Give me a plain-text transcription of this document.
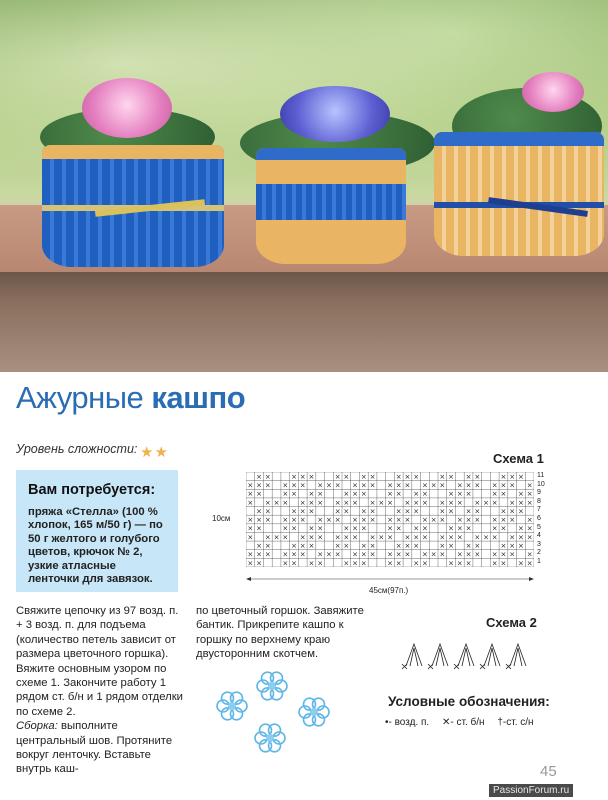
Ажурные кашпо
Уровень сложности: ★★
Вам потребуется:
пряжа «Стелла» (100 % хлопок, 165 м/50 г) — по 50 г желтого и голубого цветов, крючок № 2, узкие атласные ленточки для завязок.
Свяжите цепочку из 97 возд. п. + 3 возд. п. для подъема (количество петель зависит от размера цветочного горшка). Вяжите основным узором по схеме 1. Закончите работу 1 рядом ст. б/н и 1 рядом отделки по схеме 2.
Сборка: выполните центральный шов. Протяните вокруг ленточку. Вставьте внутрь каш-
по цветочный горшок. Завяжите бантик. Прикрепите кашпо к горшку по верхнему краю двусторонним скотчем.
Схема 1
10см
× ×	× × ×	× × × ×	× × ×	× × × ×	× × ×
× × × × × × × × × × × × × × × × × × × × × × × × ×
× ×	× × × ×	× × ×	× × × ×	× × ×	× × × ×
× × × × × × × × × × × × × × × × × × × × × × × × ×
× ×	× × ×	× × × ×	× × ×	× × × ×	× × ×
× × × × × × × × × × × × × × × × × × × × × × × × ×
× ×	× × × ×	× × ×	× × × ×	× × ×	× × × ×
× × × × × × × × × × × × × × × × × × × × × × × × ×
× ×	× × ×	× × × ×	× × ×	× × × ×	× × ×
× × × × × × × × × × × × × × × × × × × × × × × × ×
× ×	× × × ×	× × ×	× × × ×	× × ×	× × × ×
11
10
9
8
7
6
5
4
3
2
1
45см(97п.)
Схема 2
Условные обозначения:
•- возд. п. ✕- ст. б/н †-ст. с/н
45
PassionForum.ru
